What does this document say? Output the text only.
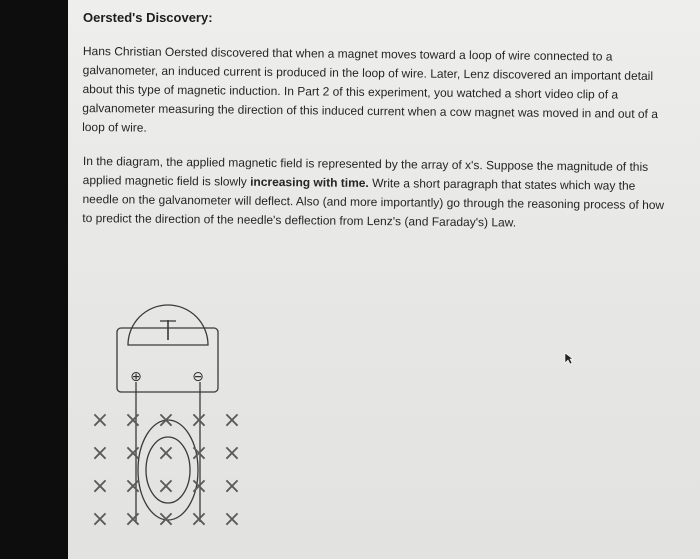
Oersted's Discovery:
Hans Christian Oersted discovered that when a magnet moves toward a loop of wire connected to a galvanometer, an induced current is produced in the loop of wire. Later, Lenz discovered an important detail about this type of magnetic induction. In Part 2 of this experiment, you watched a short video clip of a galvanometer measuring the direction of this induced current when a cow magnet was moved in and out of a loop of wire.
In the diagram, the applied magnetic field is represented by the array of x's. Suppose the magnitude of this applied magnetic field is slowly increasing with time. Write a short paragraph that states which way the needle on the galvanometer will deflect. Also (and more importantly) go through the reasoning process of how to predict the direction of the needle's deflection from Lenz's (and Faraday's) Law.
⊕	⊖
× × × × ×
× × × × ×
× × × × ×
× × × × ×
